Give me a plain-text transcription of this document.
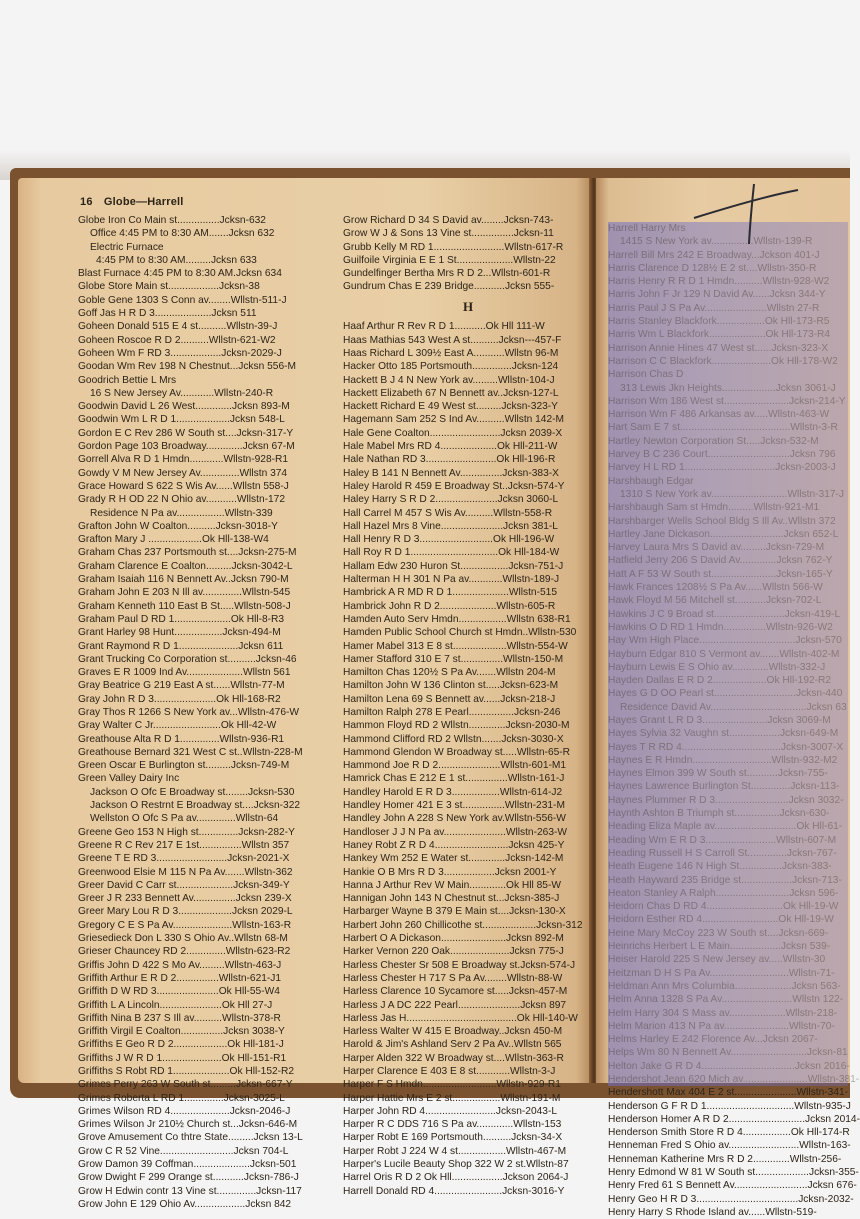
16 Globe—Harrell
Globe Iron Co Main st...............Jcksn-632
Office 4:45 PM to 8:30 AM.......Jcksn 632
Electric Furnace
4:45 PM to 8:30 AM.........Jcksn 633
Blast Furnace 4:45 PM to 8:30 AM.Jcksn 634
Globe Store Main st..................Jcksn-38
Goble Gene 1303 S Conn av........Wllstn-511-J
Goff Jas H R D 3....................Jcksn 511
Goheen Donald 515 E 4 st..........Wllstn-39-J
Goheen Roscoe R D 2..........Wllstn-621-W2
Goheen Wm F RD 3..................Jcksn-2029-J
Goodan Wm Rev 198 N Chestnut...Jcksn 556-M
Goodrich Bettie L Mrs
16 S New Jersey Av............Wllstn-240-R
Goodwin David L 26 West.............Jcksn 893-M
Goodwin Wm L R D 1...................Jcksn 548-L
Gordon E C Rev 286 W South st....Jcksn-317-Y
Gordon Page 103 Broadway.............Jcksn 67-M
Gorrell Alva R D 1 Hmdn............Wllstn-928-R1
Gowdy V M New Jersey Av..............Wllstn 374
Grace Howard S 622 S Wis Av......Wllstn 558-J
Grady R H OD 22 N Ohio av...........Wllstn-172
Residence N Pa av.................Wllstn-339
Grafton John W Coalton..........Jcksn-3018-Y
Grafton Mary J ...................Ok Hll-138-W4
Graham Chas 237 Portsmouth st....Jcksn-275-M
Graham Clarence E Coalton.........Jcksn-3042-L
Graham Isaiah 116 N Bennett Av..Jcksn 790-M
Graham John E 203 N Ill av..............Wllstn-545
Graham Kenneth 110 East B St.....Wllstn-508-J
Graham Paul D RD 1....................Ok Hll-8-R3
Grant Harley 98 Hunt.................Jcksn-494-M
Grant Raymond R D 1.....................Jcksn 611
Grant Trucking Co Corporation st..........Jcksn-46
Graves E R 1009 Ind Av....................Wllstn 561
Gray Beatrice G 219 East A st......Wllstn-77-M
Gray John R D 3......................Ok Hll-168-R2
Gray Thos R 1266 S New York av...Wllstn-476-W
Gray Walter C Jr........................Ok Hll-42-W
Greathouse Alta R D 1..............Wllstn-936-R1
Greathouse Bernard 321 West C st..Wllstn-228-M
Green Oscar E Burlington st.........Jcksn-749-M
Green Valley Dairy Inc
Jackson O Ofc E Broadway st........Jcksn-530
Jackson O Restrnt E Broadway st....Jcksn-322
Wellston O Ofc S Pa av..............Wllstn-64
Greene Geo 153 N High st..............Jcksn-282-Y
Greene R C Rev 217 E 1st...............Wllstn 357
Greene T E RD 3.........................Jcksn-2021-X
Greenwood Elsie M 115 N Pa Av.......Wllstn-362
Greer David C Carr st....................Jcksn-349-Y
Greer J R 233 Bennett Av...............Jcksn 239-X
Greer Mary Lou R D 3...................Jcksn 2029-L
Gregory C E S Pa Av.....................Wllstn-163-R
Griesedieck Don L 330 S Ohio Av..Wllstn 68-M
Grieser Chauncey RD 2..............Wllstn-623-R2
Griffis John D 422 S Mo Av.........Wllstn-463-J
Griffith Arthur E R D 2...............Wllstn-621-J1
Griffith D W RD 3......................Ok Hll-55-W4
Griffith L A Lincoln......................Ok Hll 27-J
Griffith Nina B 237 S Ill av..........Wllstn-378-R
Griffith Virgil E Coalton...............Jcksn 3038-Y
Griffiths E Geo R D 2...................Ok Hll-181-J
Griffiths J W R D 1.....................Ok Hll-151-R1
Griffiths S Robt RD 1....................Ok Hll-152-R2
Grimes Perry 263 W South st.........Jcksn-667-Y
Grimes Roberta L RD 1..............Jcksn-3025-L
Grimes Wilson RD 4.....................Jcksn-2046-J
Grimes Wilson Jr 210½ Church st...Jcksn-646-M
Grove Amusement Co thtre State.........Jcksn 13-L
Grow C R 52 Vine..........................Jcksn 704-L
Grow Damon 39 Coffman....................Jcksn-501
Grow Dwight F 299 Orange st...........Jcksn-786-J
Grow H Edwin contr 13 Vine st..............Jcksn-117
Grow John E 129 Ohio Av..................Jcksn 842
Grow Richard D 34 S David av........Jcksn-743-
Grow W J & Sons 13 Vine st...............Jcksn-11
Grubb Kelly M RD 1.........................Wllstn-617-R
Guilfoile Virginia E E 1 St....................Wllstn-22
Gundelfinger Bertha Mrs R D 2...Wllstn-601-R
Gundrum Chas E 239 Bridge...........Jcksn 555-
H
Haaf Arthur R Rev R D 1...........Ok Hll 111-W
Haas Mathias 543 West A st..........Jcksn---457-F
Haas Richard L 309½ East A...........Wllstn 96-M
Hacker Otto 185 Portsmouth..............Jcksn-124
Hackett B J 4 N New York av.........Wllstn-104-J
Hackett Elizabeth 67 N Bennett av..Jcksn-127-L
Hackett Richard E 49 West st.........Jcksn-323-Y
Hagemann Sam 252 S Ind Av..........Wllstn 142-M
Hale Gene Coalton.........................Jcksn 2039-X
Hale Mabel Mrs RD 4....................Ok Hll-211-W
Hale Nathan RD 3.........................Ok Hll-196-R
Haley B 141 N Bennett Av...............Jcksn-383-X
Haley Harold R 459 E Broadway St..Jcksn-574-Y
Haley Harry S R D 2......................Jcksn 3060-L
Hall Carrel M 457 S Wis Av..........Wllstn-558-R
Hall Hazel Mrs 8 Vine......................Jcksn 381-L
Hall Henry R D 3..........................Ok Hll-196-W
Hall Roy R D 1...............................Ok Hll-184-W
Hallam Edw 230 Huron St.................Jcksn-751-J
Halterman H H 301 N Pa av............Wllstn-189-J
Hambrick A R MD R D 1....................Wllstn-515
Hambrick John R D 2....................Wllstn-605-R
Hamden Auto Serv Hmdn.................Wllstn 638-R1
Hamden Public School Church st Hmdn..Wllstn-530
Hamer Mabel 313 E 8 st...................Wllstn-554-W
Hamer Stafford 310 E 7 st...............Wllstn-150-M
Hamilton Chas 120½ S Pa Av.......Wllstn 204-M
Hamilton John W 136 Clinton st.....Jcksn-623-M
Hamilton Lena 69 S Bennett av......Jcksn-218-J
Hamilton Ralph 278 E Pearl................Jcksn-246
Hammon Floyd RD 2 Wllstn.............Jcksn-2030-M
Hammond Clifford RD 2 Wllstn.......Jcksn-3030-X
Hammond Glendon W Broadway st.....Wllstn-65-R
Hammond Joe R D 2......................Wllstn-601-M1
Hamrick Chas E 212 E 1 st...............Wllstn-161-J
Handley Harold E R D 3.................Wllstn-614-J2
Handley Homer 421 E 3 st...............Wllstn-231-M
Handley John A 228 S New York av.Wllstn-556-W
Handloser J J N Pa av......................Wllstn-263-W
Haney Robt Z R D 4..........................Jcksn 425-Y
Hankey Wm 252 E Water st.............Jcksn-142-M
Hankie O B Mrs R D 3..................Jcksn 2001-Y
Hanna J Arthur Rev W Main.............Ok Hll 85-W
Hannigan John 143 N Chestnut st...Jcksn-385-J
Harbarger Wayne B 379 E Main st....Jcksn-130-X
Harbert John 260 Chillicothe st...................Jcksn-312
Harbert O A Dickason.......................Jcksn 892-M
Harker Vernon 220 Oak.....................Jcksn 775-J
Harless Chester Sr 508 E Broadway st.Jcksn-574-J
Harless Chester H 717 S Pa Av........Wllstn-88-W
Harless Clarence 10 Sycamore st.....Jcksn-457-M
Harless J A DC 222 Pearl......................Jcksn 897
Harless Jas H.......................................Ok Hll-140-W
Harless Walter W 415 E Broadway..Jcksn 450-M
Harold & Jim's Ashland Serv 2 Pa Av..Wllstn 565
Harper Alden 322 W Broadway st....Wllstn-363-R
Harper Clarence E 403 E 8 st............Wllstn-3-J
Harper F S Hmdn..........................Wllstn-929-R1
Harper Hattie Mrs E 2 st.................Wllstn-191-M
Harper John RD 4.........................Jcksn-2043-L
Harper R C DDS 716 S Pa av.............Wllstn-153
Harper Robt E 169 Portsmouth..........Jcksn-34-X
Harper Robt J 224 W 4 st.................Wllstn-467-M
Harper's Lucile Beauty Shop 322 W 2 st.Wllstn-87
Harrel Oris R D 2 Ok Hll..................Jckson 2064-J
Harrell Donald RD 4........................Jcksn-3016-Y
Harrell Harry Mrs
1415 S New York av...............Wllstn-139-R
Harrell Bill Mrs 242 E Broadway...Jckson 401-J
Harris Clarence D 128½ E 2 st....Wllstn-350-R
Harris Henry R R D 1 Hmdn..........Wllstn-928-W2
Harris John F Jr 129 N David Av......Jcksn 344-Y
Harris Paul J S Pa Av......................Wllstn 27-R
Harris Stanley Blackfork.................Ok Hll-173-R5
Harris Wm L Blackfork....................Ok Hll-173-R4
Harrison Annie Hines 47 West st......Jcksn-323-X
Harrison C C Blackfork.....................Ok Hll-178-W2
Harrison Chas D
313 Lewis Jkn Heights...................Jcksn 3061-J
Harrison Wm 186 West st.......................Jcksn-214-Y
Harrison Wm F 486 Arkansas av.....Wllstn-463-W
Hart Sam E 7 st.......................................Wllstn-3-R
Hartley Newton Corporation St.....Jcksn-532-M
Harvey B C 236 Court.............................Jcksn 796
Harvey H L RD 1................................Jcksn-2003-J
Harshbaugh Edgar
1310 S New York av...........................Wllstn-317-J
Harshbaugh Sam st Hmdn.........Wllstn-921-M1
Harshbarger Wells School Bldg S Ill Av..Wllstn 372
Hartley Jane Dickason..........................Jcksn 652-L
Harvey Laura Mrs S David av.........Jcksn-729-M
Hatfield Jerry 206 S David Av.............Jcksn 762-Y
Hatt A F 53 W South st.......................Jcksn-165-Y
Hawk Frances 1208½ S Pa Av......Wllstn 566-W
Hawk Floyd M 56 Mitchell st...........Jcksn-702-L
Hawkins J C 9 Broad st.........................Jcksn-419-L
Hawkins O D RD 1 Hmdn...............Wllstn-926-W2
Hay Wm High Place..................................Jcksn-570
Hayburn Edgar 810 S Vermont av.......Wllstn-402-M
Hayburn Lewis E S Ohio av.............Wllstn-332-J
Hayden Dallas E R D 2...................Ok Hll-192-R2
Hayes G D OO Pearl st.............................Jcksn-440
Residence David Av..................................Jcksn 63
Hayes Grant L R D 3.......................Jcksn 3069-M
Hayes Sylvia 32 Vaughn st..................Jcksn-649-M
Hayes T R RD 4...................................Jcksn-3007-X
Haynes E R Hmdn............................Wllstn-932-M2
Haynes Elmon 399 W South st...........Jcksn-755-
Haynes Lawrence Burlington St..............Jcksn-113-
Haynes Plummer R D 3..........................Jcksn 3032-
Haynth Ashton B Triumph st................Jcksn-630-
Heading Eliza Maple av.............................Ok Hll-61-
Heading Wm E R D 3.........................Wllstn-607-M
Heading Russell H S Carroll St..............Jcksn-767-
Heath Eugene 146 N High St...............Jcksn-383-
Heath Hayward 235 Bridge st..................Jcksn-713-
Heaton Stanley A Ralph..........................Jcksn 596-
Heidorn Chas D RD 4...........................Ok Hll-19-W
Heidorn Esther RD 4...........................Ok Hll-19-W
Heine Mary McCoy 223 W South st....Jcksn-669-
Heinrichs Herbert L E Main..................Jcksn 539-
Heiser Harold 225 S New Jersey av.....Wllstn-30
Heitzman D H S Pa Av............................Wllstn-71-
Heldman Ann Mrs Columbia....................Jcksn 563-
Helm Anna 1328 S Pa Av.........................Wllstn 122-
Helm Harry 304 S Mass av....................Wllstn-218-
Helm Marion 413 N Pa av.......................Wllstn-70-
Helms Harley E 242 Florence Av...Jcksn 2067-
Helps Wm 80 N Bennett Av...........................Jcksn-81
Helton Jake G R D 4.................................Jcksn 2016-
Hendershot Jean 620 Mich av.......................Wllstn-381-
Hendershott Max 404 E 2 st......................Wllstn-341-
Henderson G F R D 1...............................Wllstn-935-J
Henderson Homer A R D 2...........................Jcksn 2014-
Henderson Smith Store R D 4.................Ok Hll-174-R
Henneman Fred S Ohio av.........................Wllstn-163-
Henneman Katherine Mrs R D 2.............Wllstn-256-
Henry Edmond W 81 W South st...................Jcksn-355-
Henry Fred 61 S Bennett Av..........................Jcksn 676-
Henry Geo H R D 3....................................Jcksn-2032-
Henry Harry S Rhode Island av......Wllstn-519-
